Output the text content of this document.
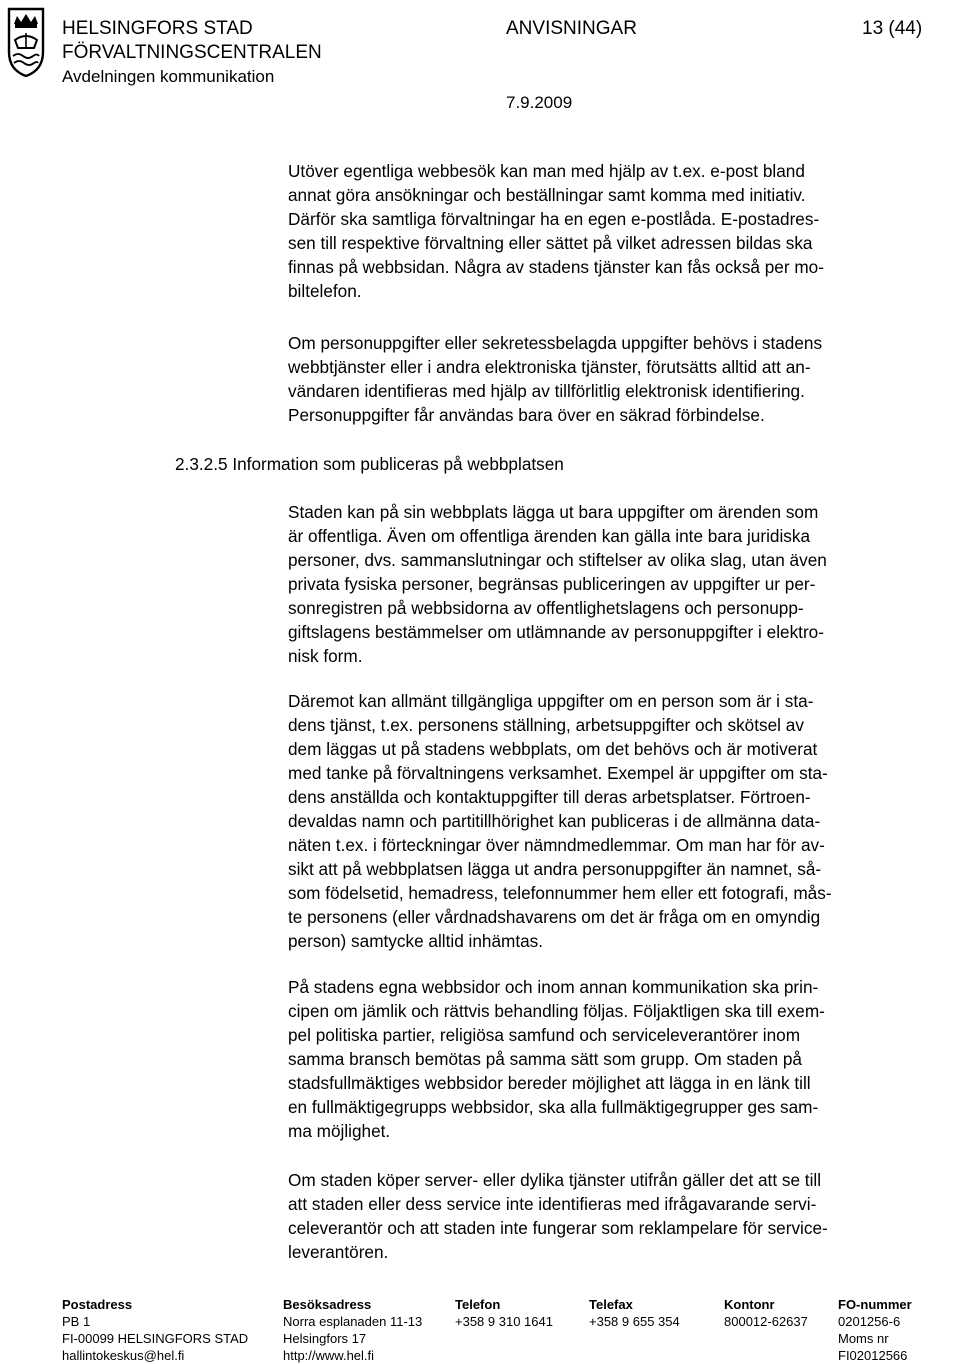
HELSINGFORS STAD
FÖRVALTNINGSCENTRALEN
Avdelningen kommunikation
ANVISNINGAR	13 (44)
7.9.2009
Utöver egentliga webbesök kan man med hjälp av t.ex. e-post bland
annat göra ansökningar och beställningar samt komma med initiativ.
Därför ska samtliga förvaltningar ha en egen e-postlåda. E-postadres-
sen till respektive förvaltning eller sättet på vilket adressen bildas ska
finnas på webbsidan. Några av stadens tjänster kan fås också per mo-
biltelefon.
Om personuppgifter eller sekretessbelagda uppgifter behövs i stadens
webbtjänster eller i andra elektroniska tjänster, förutsätts alltid att an-
vändaren identifieras med hjälp av tillförlitlig elektronisk identifiering.
Personuppgifter får användas bara över en säkrad förbindelse.
2.3.2.5 Information som publiceras på webbplatsen
Staden kan på sin webbplats lägga ut bara uppgifter om ärenden som
är offentliga. Även om offentliga ärenden kan gälla inte bara juridiska
personer, dvs. sammanslutningar och stiftelser av olika slag, utan även
privata fysiska personer, begränsas publiceringen av uppgifter ur per-
sonregistren på webbsidorna av offentlighetslagens och personupp-
giftslagens bestämmelser om utlämnande av personuppgifter i elektro-
nisk form.
Däremot kan allmänt tillgängliga uppgifter om en person som är i sta-
dens tjänst, t.ex. personens ställning, arbetsuppgifter och skötsel av
dem läggas ut på stadens webbplats, om det behövs och är motiverat
med tanke på förvaltningens verksamhet. Exempel är uppgifter om sta-
dens anställda och kontaktuppgifter till deras arbetsplatser. Förtroen-
devaldas namn och partitillhörighet kan publiceras i de allmänna data-
näten t.ex. i förteckningar över nämndmedlemmar. Om man har för av-
sikt att på webbplatsen lägga ut andra personuppgifter än namnet, så-
som födelsetid, hemadress, telefonnummer hem eller ett fotografi, mås-
te personens (eller vårdnadshavarens om det är fråga om en omyndig
person) samtycke alltid inhämtas.
På stadens egna webbsidor och inom annan kommunikation ska prin-
cipen om jämlik och rättvis behandling följas. Följaktligen ska till exem-
pel politiska partier, religiösa samfund och serviceleverantörer inom
samma bransch bemötas på samma sätt som grupp. Om staden på
stadsfullmäktiges webbsidor bereder möjlighet att lägga in en länk till
en fullmäktigegrupps webbsidor, ska alla fullmäktigegrupper ges sam-
ma möjlighet.
Om staden köper server- eller dylika tjänster utifrån gäller det att se till
att staden eller dess service inte identifieras med ifrågavarande servi-
celeverantör och att staden inte fungerar som reklampelare för service-
leverantören.
Postadress
PB 1
FI-00099 HELSINGFORS STAD
hallintokeskus@hel.fi
Besöksadress
Norra esplanaden 11-13
Helsingfors 17
http://www.hel.fi
Telefon
+358 9 310 1641
Telefax
+358 9 655 354
Kontonr
800012-62637
FO-nummer
0201256-6
Moms nr
FI02012566
